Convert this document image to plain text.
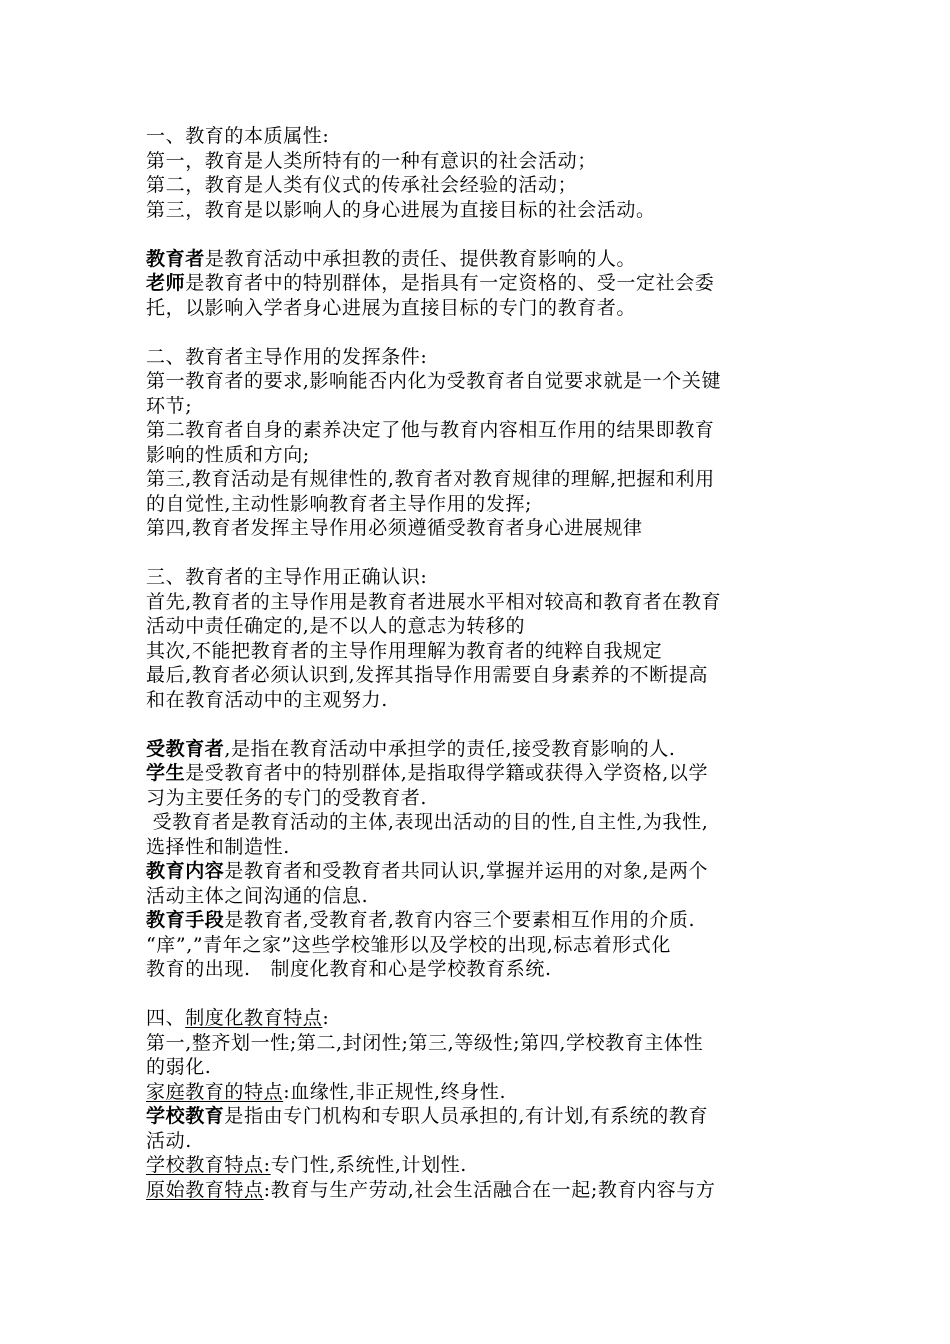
一、教育的本质属性:
第一，教育是人类所特有的一种有意识的社会活动；
第二，教育是人类有仪式的传承社会经验的活动；
第三，教育是以影响人的身心进展为直接目标的社会活动。
教育者是教育活动中承担教的责任、提供教育影响的人。
老师是教育者中的特别群体，是指具有一定资格的、受一定社会委
托，以影响入学者身心进展为直接目标的专门的教育者。
二、教育者主导作用的发挥条件:
第一教育者的要求,影响能否内化为受教育者自觉要求就是一个关键
环节;
第二教育者自身的素养决定了他与教育内容相互作用的结果即教育
影响的性质和方向;
第三,教育活动是有规律性的,教育者对教育规律的理解,把握和利用
的自觉性,主动性影响教育者主导作用的发挥;
第四,教育者发挥主导作用必须遵循受教育者身心进展规律
三、教育者的主导作用正确认识:
首先,教育者的主导作用是教育者进展水平相对较高和教育者在教育
活动中责任确定的,是不以人的意志为转移的
其次,不能把教育者的主导作用理解为教育者的纯粹自我规定
最后,教育者必须认识到,发挥其指导作用需要自身素养的不断提高
和在教育活动中的主观努力.
受教育者,是指在教育活动中承担学的责任,接受教育影响的人.
学生是受教育者中的特别群体,是指取得学籍或获得入学资格,以学
习为主要任务的专门的受教育者.
受教育者是教育活动的主体,表现出活动的目的性,自主性,为我性,
选择性和制造性.
教育内容是教育者和受教育者共同认识,掌握并运用的对象,是两个
活动主体之间沟通的信息.
教育手段是教育者,受教育者,教育内容三个要素相互作用的介质.
“庠”,”青年之家”这些学校雏形以及学校的出现,标志着形式化
教育的出现.   制度化教育和心是学校教育系统.
四、制度化教育特点:
第一,整齐划一性;第二,封闭性;第三,等级性;第四,学校教育主体性
的弱化.
家庭教育的特点:血缘性,非正规性,终身性.
学校教育是指由专门机构和专职人员承担的,有计划,有系统的教育
活动.
学校教育特点:专门性,系统性,计划性.
原始教育特点:教育与生产劳动,社会生活融合在一起;教育内容与方
